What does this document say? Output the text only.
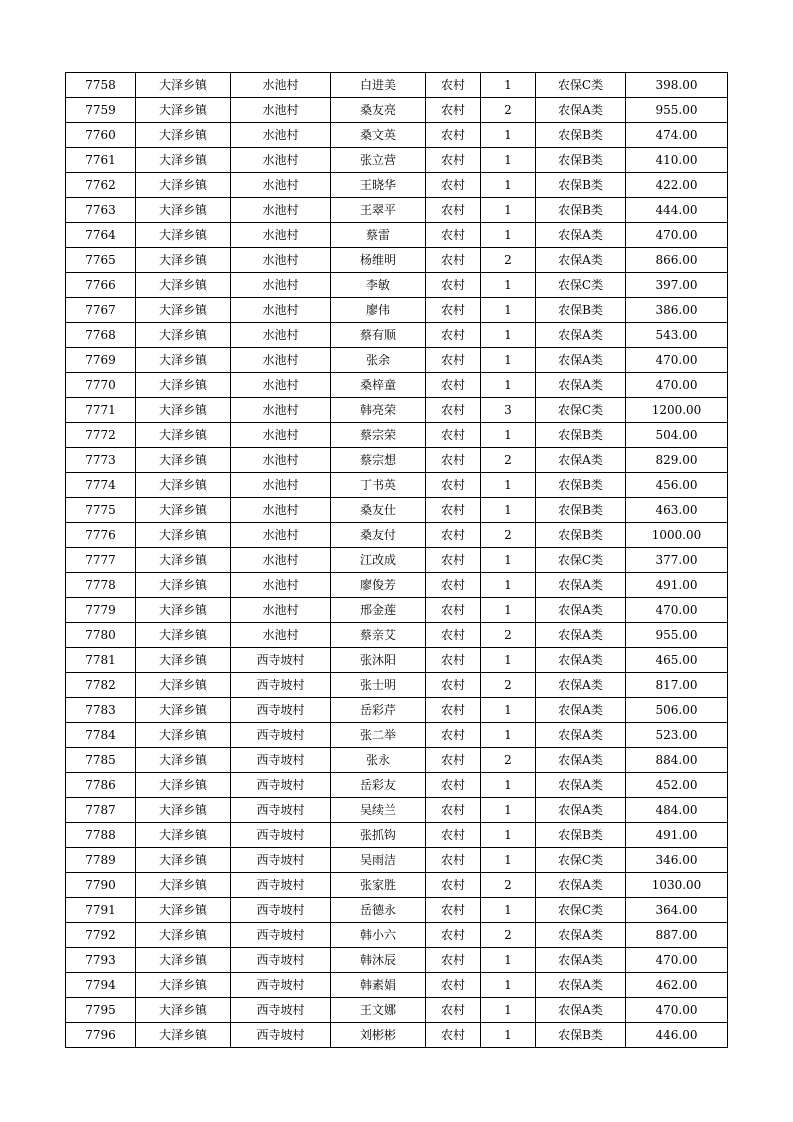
7758	大泽乡镇	水池村	白进美	农村	1	农保C类	398.00
7759	大泽乡镇	水池村	桑友亮	农村	2	农保A类	955.00
7760	大泽乡镇	水池村	桑文英	农村	1	农保B类	474.00
7761	大泽乡镇	水池村	张立营	农村	1	农保B类	410.00
7762	大泽乡镇	水池村	王晓华	农村	1	农保B类	422.00
7763	大泽乡镇	水池村	王翠平	农村	1	农保B类	444.00
7764	大泽乡镇	水池村	蔡雷	农村	1	农保A类	470.00
7765	大泽乡镇	水池村	杨维明	农村	2	农保A类	866.00
7766	大泽乡镇	水池村	李敏	农村	1	农保C类	397.00
7767	大泽乡镇	水池村	廖伟	农村	1	农保B类	386.00
7768	大泽乡镇	水池村	蔡有顺	农村	1	农保A类	543.00
7769	大泽乡镇	水池村	张余	农村	1	农保A类	470.00
7770	大泽乡镇	水池村	桑梓童	农村	1	农保A类	470.00
7771	大泽乡镇	水池村	韩亮荣	农村	3	农保C类	1200.00
7772	大泽乡镇	水池村	蔡宗荣	农村	1	农保B类	504.00
7773	大泽乡镇	水池村	蔡宗想	农村	2	农保A类	829.00
7774	大泽乡镇	水池村	丁书英	农村	1	农保B类	456.00
7775	大泽乡镇	水池村	桑友仕	农村	1	农保B类	463.00
7776	大泽乡镇	水池村	桑友付	农村	2	农保B类	1000.00
7777	大泽乡镇	水池村	江改成	农村	1	农保C类	377.00
7778	大泽乡镇	水池村	廖俊芳	农村	1	农保A类	491.00
7779	大泽乡镇	水池村	邢金莲	农村	1	农保A类	470.00
7780	大泽乡镇	水池村	蔡亲艾	农村	2	农保A类	955.00
7781	大泽乡镇	西寺坡村	张沐阳	农村	1	农保A类	465.00
7782	大泽乡镇	西寺坡村	张士明	农村	2	农保A类	817.00
7783	大泽乡镇	西寺坡村	岳彩芹	农村	1	农保A类	506.00
7784	大泽乡镇	西寺坡村	张二举	农村	1	农保A类	523.00
7785	大泽乡镇	西寺坡村	张永	农村	2	农保A类	884.00
7786	大泽乡镇	西寺坡村	岳彩友	农村	1	农保A类	452.00
7787	大泽乡镇	西寺坡村	吴续兰	农村	1	农保A类	484.00
7788	大泽乡镇	西寺坡村	张抓钩	农村	1	农保B类	491.00
7789	大泽乡镇	西寺坡村	吴雨洁	农村	1	农保C类	346.00
7790	大泽乡镇	西寺坡村	张家胜	农村	2	农保A类	1030.00
7791	大泽乡镇	西寺坡村	岳德永	农村	1	农保C类	364.00
7792	大泽乡镇	西寺坡村	韩小六	农村	2	农保A类	887.00
7793	大泽乡镇	西寺坡村	韩沐辰	农村	1	农保A类	470.00
7794	大泽乡镇	西寺坡村	韩素娟	农村	1	农保A类	462.00
7795	大泽乡镇	西寺坡村	王文娜	农村	1	农保A类	470.00
7796	大泽乡镇	西寺坡村	刘彬彬	农村	1	农保B类	446.00
